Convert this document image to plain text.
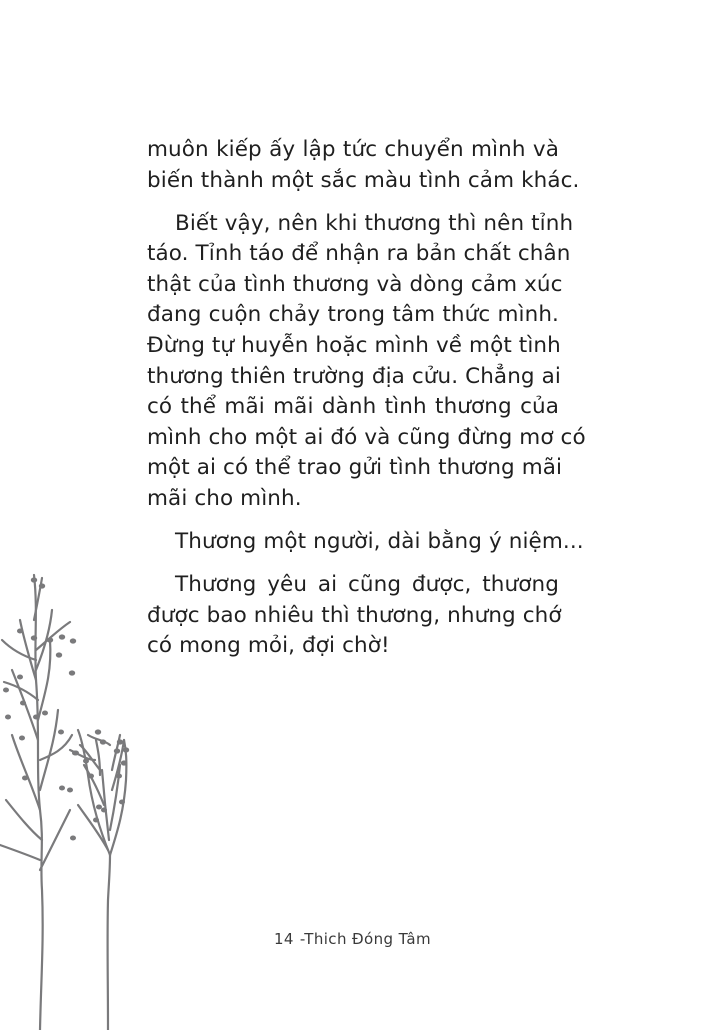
muôn kiếp ấy lập tức chuyển mình và
biến thành một sắc màu tình cảm khác.
Biết vậy, nên khi thương thì nên tỉnh
táo. Tỉnh táo để nhận ra bản chất chân
thật của tình thương và dòng cảm xúc
đang cuộn chảy trong tâm thức mình.
Đừng tự huyễn hoặc mình về một tình
thương thiên trường địa cửu. Chẳng ai
có thể mãi mãi dành tình thương của
mình cho một ai đó và cũng đừng mơ có
một ai có thể trao gửi tình thương mãi
mãi cho mình.
Thương một người, dài bằng ý niệm...
Thương yêu ai cũng được, thương
được bao nhiêu thì thương, nhưng chớ
có mong mỏi, đợi chờ!
14 -Thich Đóng Tâm
